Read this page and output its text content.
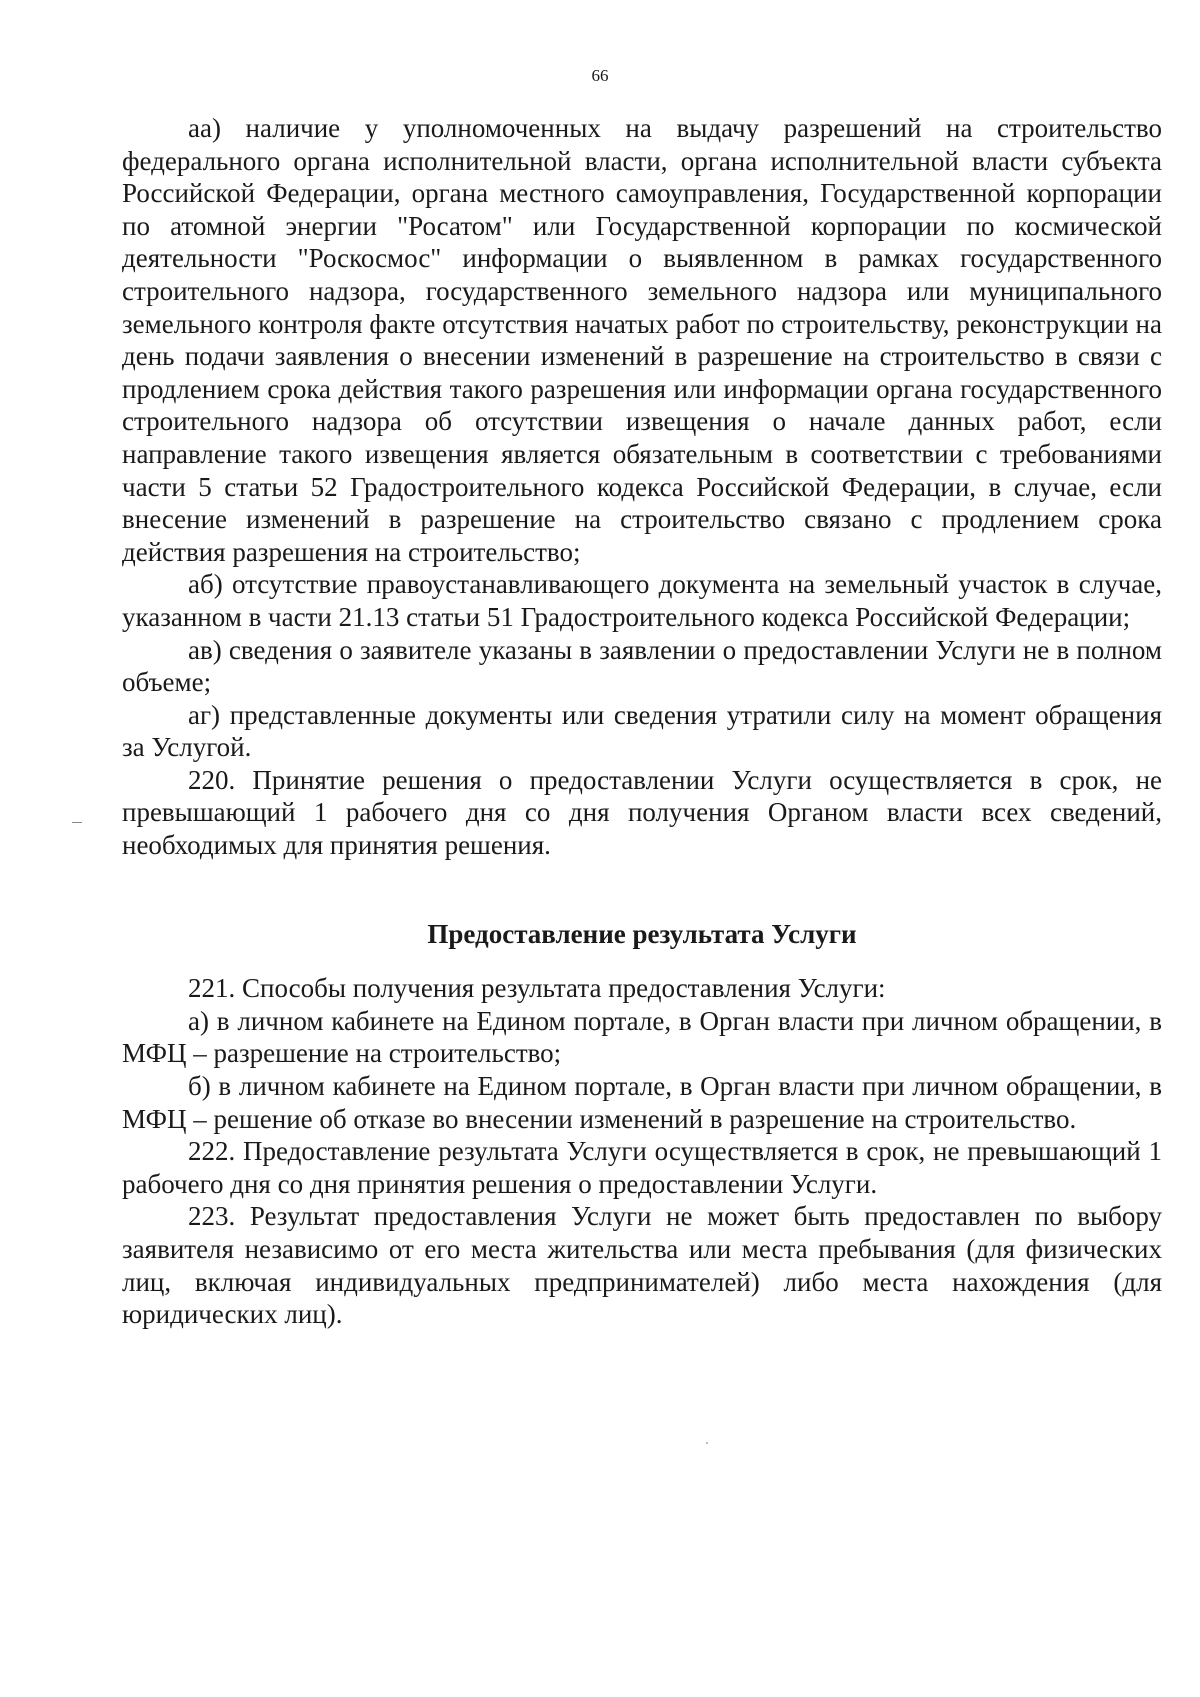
66

аа) наличие у уполномоченных на выдачу разрешений на строительство федерального органа исполнительной власти, органа исполнительной власти субъекта Российской Федерации, органа местного самоуправления, Государственной корпорации по атомной энергии "Росатом" или Государственной корпорации по космической деятельности "Роскосмос" информации о выявленном в рамках государственного строительного надзора, государственного земельного надзора или муниципального земельного контроля факте отсутствия начатых работ по строительству, реконструкции на день подачи заявления о внесении изменений в разрешение на строительство в связи с продлением срока действия такого разрешения или информации органа государственного строительного надзора об отсутствии извещения о начале данных работ, если направление такого извещения является обязательным в соответствии с требованиями части 5 статьи 52 Градостроительного кодекса Российской Федерации, в случае, если внесение изменений в разрешение на строительство связано с продлением срока действия разрешения на строительство;

аб) отсутствие правоустанавливающего документа на земельный участок в случае, указанном в части 21.13 статьи 51 Градостроительного кодекса Российской Федерации;

ав) сведения о заявителе указаны в заявлении о предоставлении Услуги не в полном объеме;

аг) представленные документы или сведения утратили силу на момент обращения за Услугой.

220. Принятие решения о предоставлении Услуги осуществляется в срок, не превышающий 1 рабочего дня со дня получения Органом власти всех сведений, необходимых для принятия решения.

Предоставление результата Услуги

221. Способы получения результата предоставления Услуги:

а) в личном кабинете на Едином портале, в Орган власти при личном обращении, в МФЦ – разрешение на строительство;

б) в личном кабинете на Едином портале, в Орган власти при личном обращении, в МФЦ – решение об отказе во внесении изменений в разрешение на строительство.

222. Предоставление результата Услуги осуществляется в срок, не превышающий 1 рабочего дня со дня принятия решения о предоставлении Услуги.

223. Результат предоставления Услуги не может быть предоставлен по выбору заявителя независимо от его места жительства или места пребывания (для физических лиц, включая индивидуальных предпринимателей) либо места нахождения (для юридических лиц).
